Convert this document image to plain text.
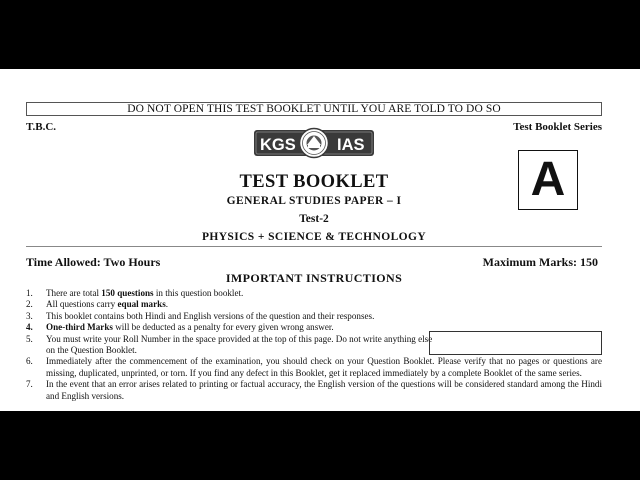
DO NOT OPEN THIS TEST BOOKLET UNTIL YOU ARE TOLD TO DO SO
T.B.C.	Test Booklet Series
A
KGS IAS
TEST BOOKLET
GENERAL STUDIES PAPER – I
Test-2
PHYSICS + SCIENCE & TECHNOLOGY
Time Allowed: Two Hours	Maximum Marks: 150
IMPORTANT INSTRUCTIONS
1. There are total 150 questions in this question booklet.
2. All questions carry equal marks.
3. This booklet contains both Hindi and English versions of the question and their responses.
4. One-third Marks will be deducted as a penalty for every given wrong answer.
5. You must write your Roll Number in the space provided at the top of this page. Do not write anything else on the Question Booklet.
6. Immediately after the commencement of the examination, you should check on your Question Booklet. Please verify that no pages or questions are missing, duplicated, unprinted, or torn. If you find any defect in this Booklet, get it replaced immediately by a complete Booklet of the same series.
7. In the event that an error arises related to printing or factual accuracy, the English version of the questions will be considered standard among the Hindi and English versions.
